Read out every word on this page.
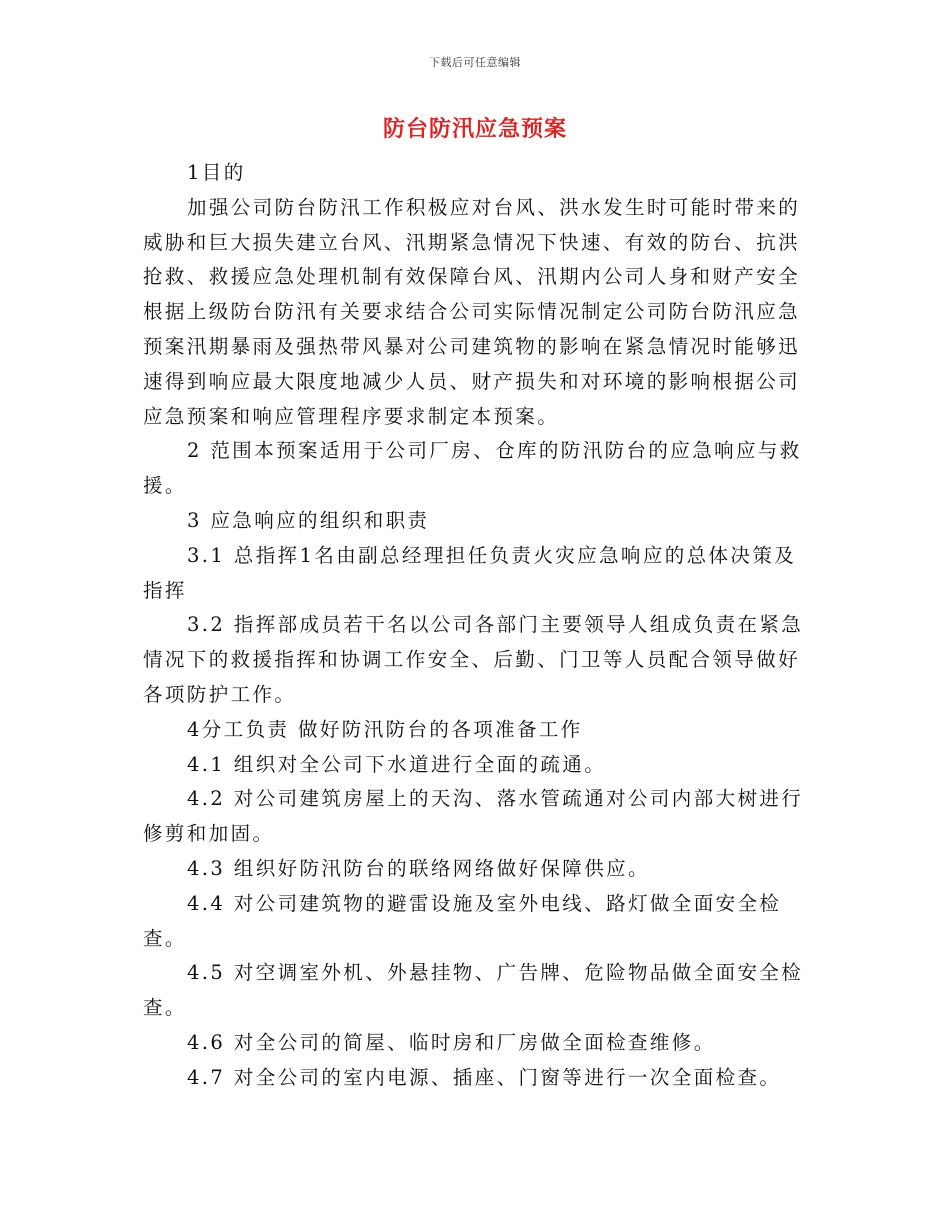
下载后可任意编辑
防台防汛应急预案

1目的

加强公司防台防汛工作积极应对台风、洪水发生时可能时带来的威胁和巨大损失建立台风、汛期紧急情况下快速、有效的防台、抗洪抢救、救援应急处理机制有效保障台风、汛期内公司人身和财产安全根据上级防台防汛有关要求结合公司实际情况制定公司防台防汛应急预案汛期暴雨及强热带风暴对公司建筑物的影响在紧急情况时能够迅速得到响应最大限度地减少人员、财产损失和对环境的影响根据公司应急预案和响应管理程序要求制定本预案。

2 范围本预案适用于公司厂房、仓库的防汛防台的应急响应与救援。

3 应急响应的组织和职责

3.1 总指挥1名由副总经理担任负责火灾应急响应的总体决策及指挥

3.2 指挥部成员若干名以公司各部门主要领导人组成负责在紧急情况下的救援指挥和协调工作安全、后勤、门卫等人员配合领导做好各项防护工作。

4分工负责 做好防汛防台的各项准备工作

4.1 组织对全公司下水道进行全面的疏通。

4.2 对公司建筑房屋上的天沟、落水管疏通对公司内部大树进行修剪和加固。

4.3 组织好防汛防台的联络网络做好保障供应。

4.4 对公司建筑物的避雷设施及室外电线、路灯做全面安全检查。

4.5 对空调室外机、外悬挂物、广告牌、危险物品做全面安全检查。

4.6 对全公司的简屋、临时房和厂房做全面检查维修。

4.7 对全公司的室内电源、插座、门窗等进行一次全面检查。
